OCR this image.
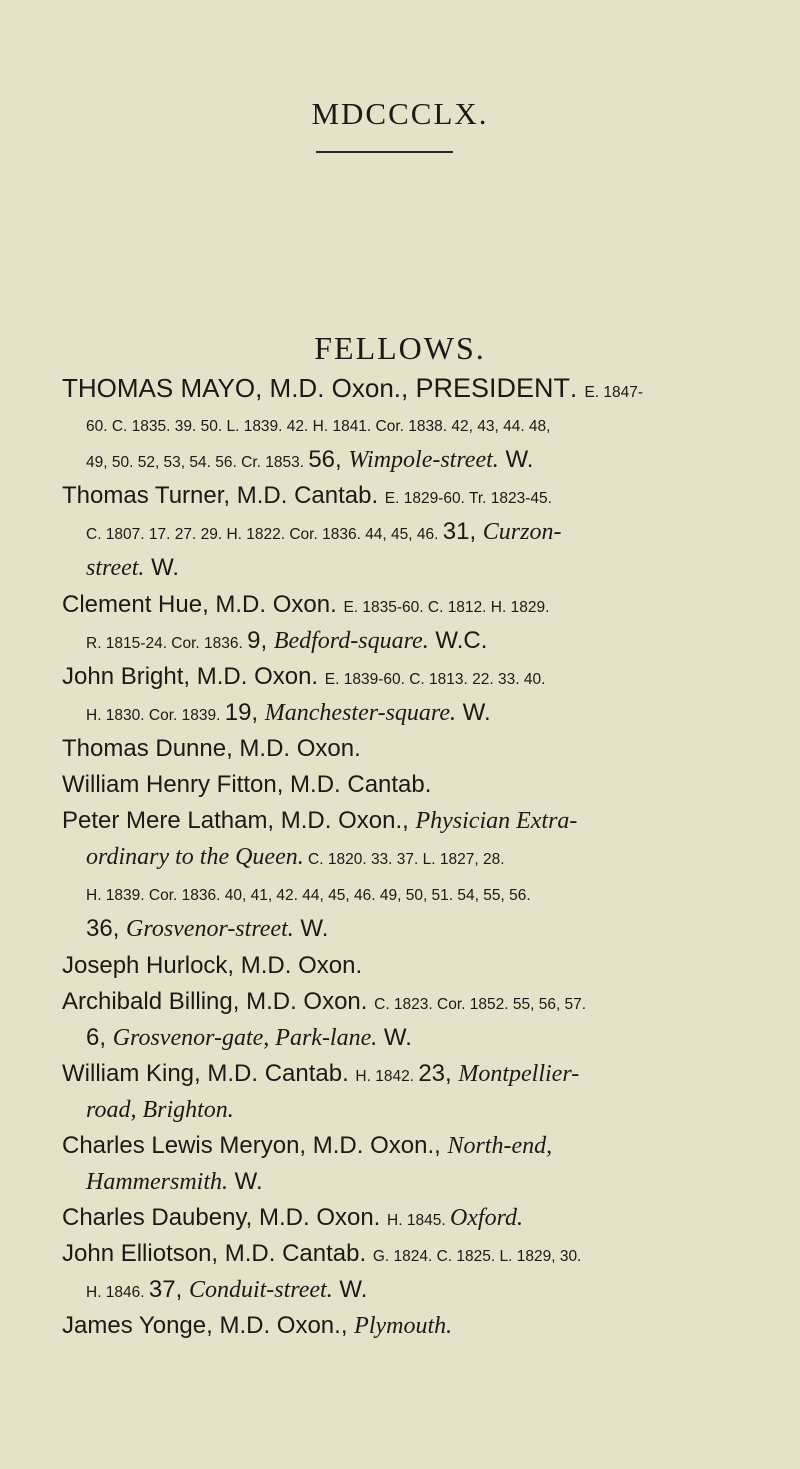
MDCCCLX.
FELLOWS.
THOMAS MAYO, M.D. Oxon., PRESIDENT. E. 1847-
60. C. 1835. 39. 50. L. 1839. 42. H. 1841. Cor. 1838. 42, 43, 44. 48,
49, 50. 52, 53, 54. 56. Cr. 1853. 56, Wimpole-street. W.
Thomas Turner, M.D. Cantab. E. 1829-60. Tr. 1823-45.
C. 1807. 17. 27. 29. H. 1822. Cor. 1836. 44, 45, 46. 31, Curzon-
street. W.
Clement Hue, M.D. Oxon. E. 1835-60. C. 1812. H. 1829.
R. 1815-24. Cor. 1836. 9, Bedford-square. W.C.
John Bright, M.D. Oxon. E. 1839-60. C. 1813. 22. 33. 40.
H. 1830. Cor. 1839. 19, Manchester-square. W.
Thomas Dunne, M.D. Oxon.
William Henry Fitton, M.D. Cantab.
Peter Mere Latham, M.D. Oxon., Physician Extra-
ordinary to the Queen. C. 1820. 33. 37. L. 1827, 28.
H. 1839. Cor. 1836. 40, 41, 42. 44, 45, 46. 49, 50, 51. 54, 55, 56.
36, Grosvenor-street. W.
Joseph Hurlock, M.D. Oxon.
Archibald Billing, M.D. Oxon. C. 1823. Cor. 1852. 55, 56, 57.
6, Grosvenor-gate, Park-lane. W.
William King, M.D. Cantab. H. 1842. 23, Montpellier-
road, Brighton.
Charles Lewis Meryon, M.D. Oxon., North-end,
Hammersmith. W.
Charles Daubeny, M.D. Oxon. H. 1845. Oxford.
John Elliotson, M.D. Cantab. G. 1824. C. 1825. L. 1829, 30.
H. 1846. 37, Conduit-street. W.
James Yonge, M.D. Oxon., Plymouth.
